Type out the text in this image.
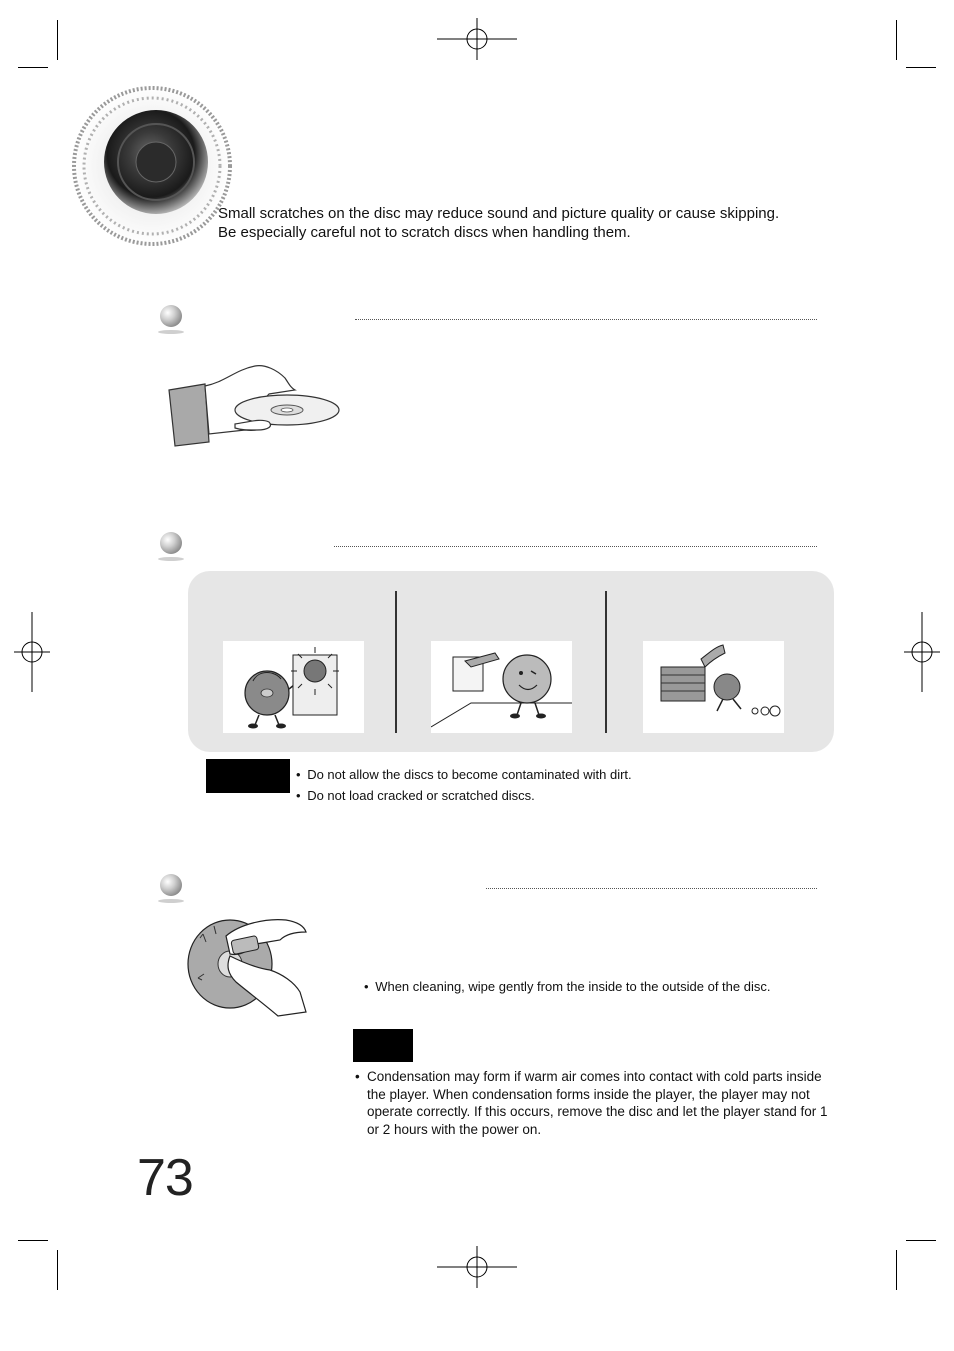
Small scratches on the disc may reduce sound and picture quality or cause skipping.
Be especially careful not to scratch discs when handling them.
• Do not allow the discs to become contaminated with dirt.
• Do not load cracked or scratched discs.
• When cleaning, wipe gently from the inside to the outside of the disc.
• Condensation may form if warm air comes into contact with cold parts inside the player. When condensation forms inside the player, the player may not operate correctly. If this occurs, remove the disc and let the player stand for 1 or 2 hours with the power on.
73
